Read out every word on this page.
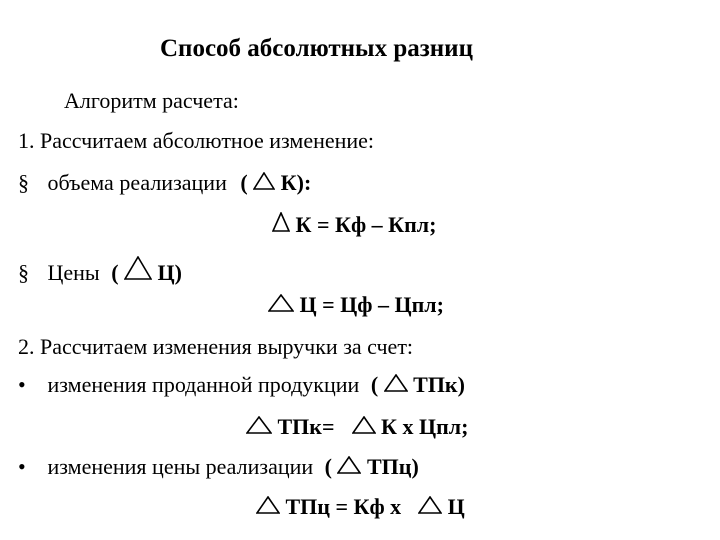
Способ абсолютных разниц
Алгоритм расчета:
1. Рассчитаем абсолютное изменение:
§ объема реализации ( К):
К = Кф – Кпл;
§ Цены ( Ц)
Ц = Цф – Цпл;
2. Рассчитаем изменения выручки за счет:
• изменения проданной продукции ( ТПк)
ТПк= К х Цпл;
• изменения цены реализации ( ТПц)
ТПц = Кф х Ц
